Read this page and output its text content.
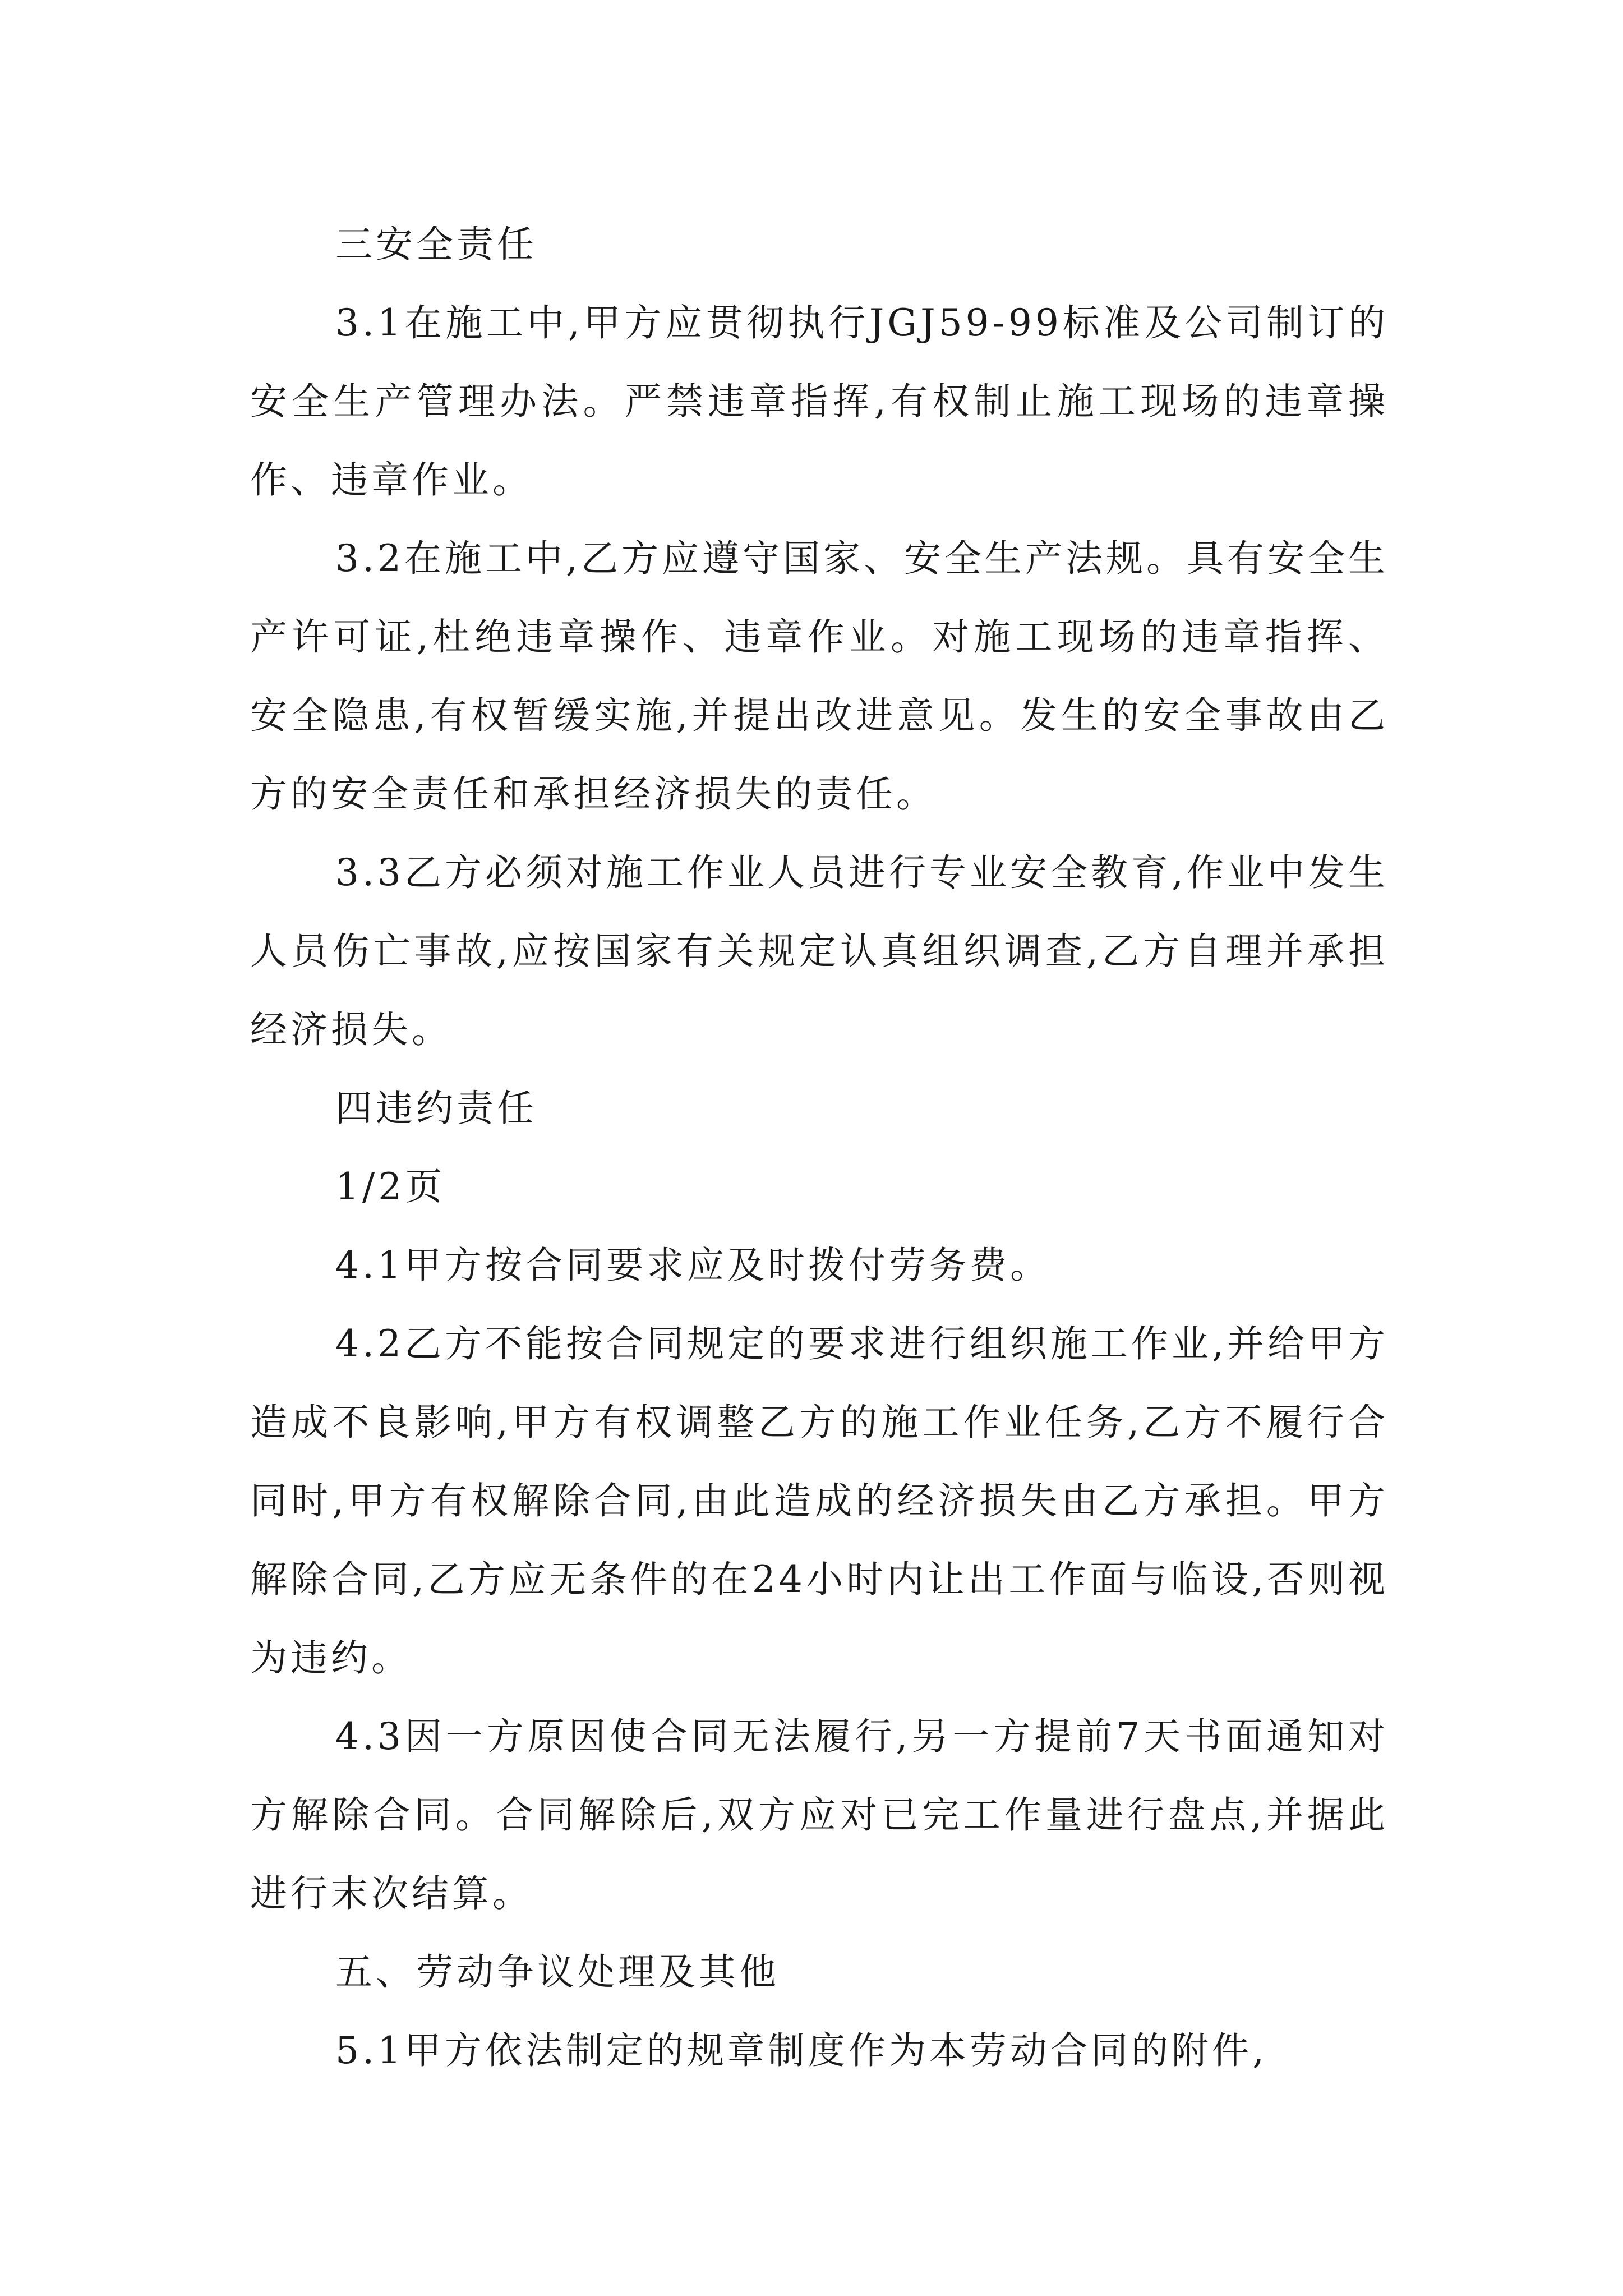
三安全责任

3.1在施工中,甲方应贯彻执行JGJ59-99标准及公司制订的安全生产管理办法。严禁违章指挥,有权制止施工现场的违章操作、违章作业。

3.2在施工中,乙方应遵守国家、安全生产法规。具有安全生产许可证,杜绝违章操作、违章作业。对施工现场的违章指挥、安全隐患,有权暂缓实施,并提出改进意见。发生的安全事故由乙方的安全责任和承担经济损失的责任。

3.3乙方必须对施工作业人员进行专业安全教育,作业中发生人员伤亡事故,应按国家有关规定认真组织调查,乙方自理并承担经济损失。

四违约责任

1/2页

4.1甲方按合同要求应及时拨付劳务费。

4.2乙方不能按合同规定的要求进行组织施工作业,并给甲方造成不良影响,甲方有权调整乙方的施工作业任务,乙方不履行合同时,甲方有权解除合同,由此造成的经济损失由乙方承担。甲方解除合同,乙方应无条件的在24小时内让出工作面与临设,否则视为违约。

4.3因一方原因使合同无法履行,另一方提前7天书面通知对方解除合同。合同解除后,双方应对已完工作量进行盘点,并据此进行末次结算。

五、劳动争议处理及其他

5.1甲方依法制定的规章制度作为本劳动合同的附件,
